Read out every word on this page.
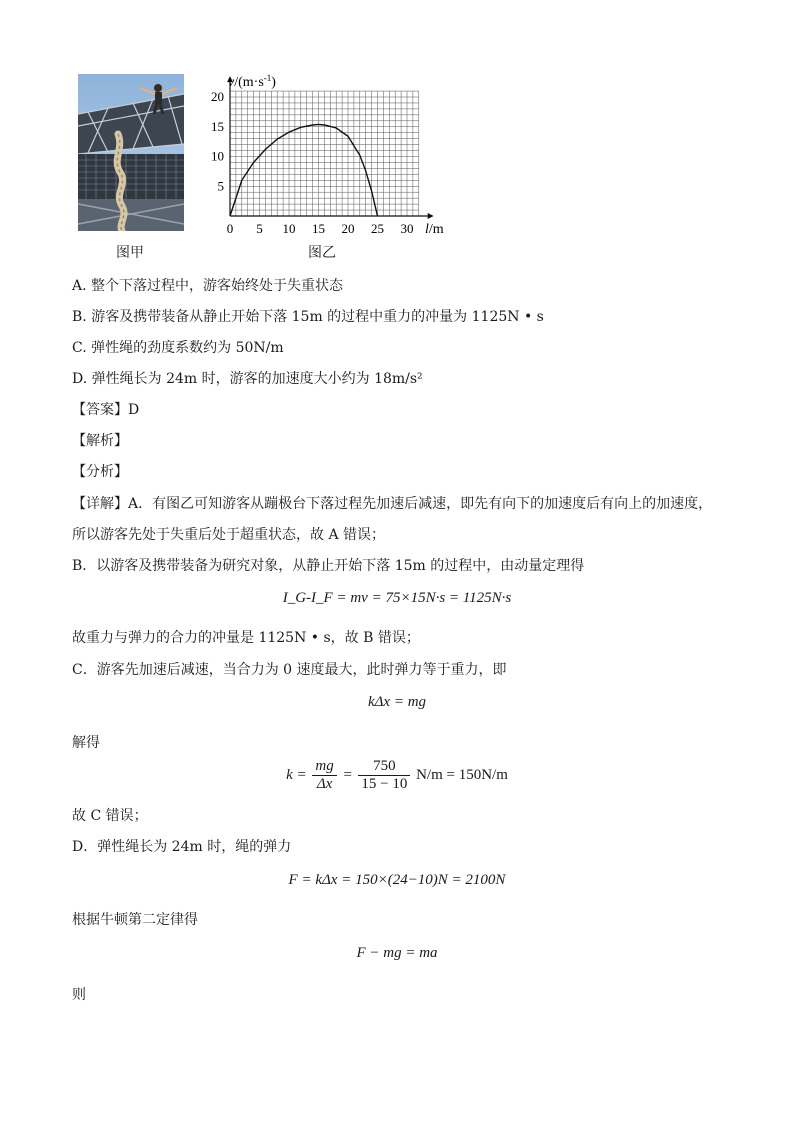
图甲
0 5 10 15 20 25 30
5
10
15
20
$v/(m\cdot s^{-1})$
l/m
图乙
A. 整个下落过程中，游客始终处于失重状态
B. 游客及携带装备从静止开始下落 15m 的过程中重力的冲量为 1125N • s
C. 弹性绳的劲度系数约为 50N/m
D. 弹性绳长为 24m 时，游客的加速度大小约为 18m/s²
【答案】D
【解析】
【分析】
【详解】A．有图乙可知游客从蹦极台下落过程先加速后减速，即先有向下的加速度后有向上的加速度，
所以游客先处于失重后处于超重状态，故 A 错误；
B．以游客及携带装备为研究对象，从静止开始下落 15m 的过程中，由动量定理得
I_G-I_F = mv = 75×15N·s = 1125N·s
故重力与弹力的合力的冲量是 1125N • s，故 B 错误；
C．游客先加速后减速，当合力为 0 速度最大，此时弹力等于重力，即
kΔx = mg
解得
$k = \frac{mg}{\Delta x} = \frac{750}{15 - 10} N/m = 150N/m$
故 C 错误；
D．弹性绳长为 24m 时，绳的弹力
F = kΔx = 150×(24−10)N = 2100N
根据牛顿第二定律得
F − mg = ma
则
